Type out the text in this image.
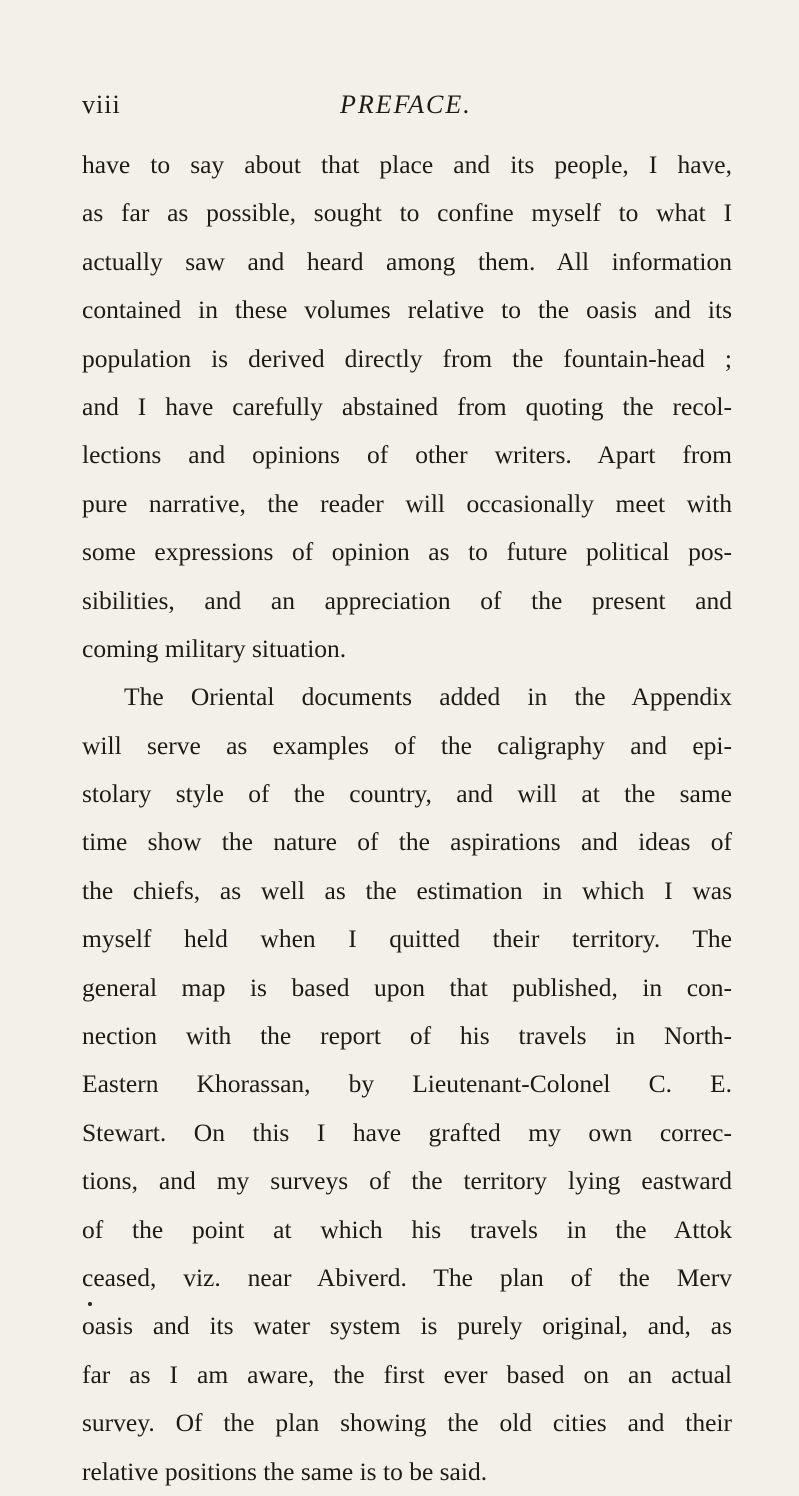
viii	PREFACE.
have to say about that place and its people, I have,
as far as possible, sought to confine myself to what I
actually saw and heard among them. All information
contained in these volumes relative to the oasis and its
population is derived directly from the fountain-head ;
and I have carefully abstained from quoting the recol-
lections and opinions of other writers. Apart from
pure narrative, the reader will occasionally meet with
some expressions of opinion as to future political pos-
sibilities, and an appreciation of the present and
coming military situation.
The Oriental documents added in the Appendix
will serve as examples of the caligraphy and epi-
stolary style of the country, and will at the same
time show the nature of the aspirations and ideas of
the chiefs, as well as the estimation in which I was
myself held when I quitted their territory. The
general map is based upon that published, in con-
nection with the report of his travels in North-
Eastern Khorassan, by Lieutenant-Colonel C. E.
Stewart. On this I have grafted my own correc-
tions, and my surveys of the territory lying eastward
of the point at which his travels in the Attok
ceased, viz. near Abiverd. The plan of the Merv
oasis and its water system is purely original, and, as
far as I am aware, the first ever based on an actual
survey. Of the plan showing the old cities and their
relative positions the same is to be said.
